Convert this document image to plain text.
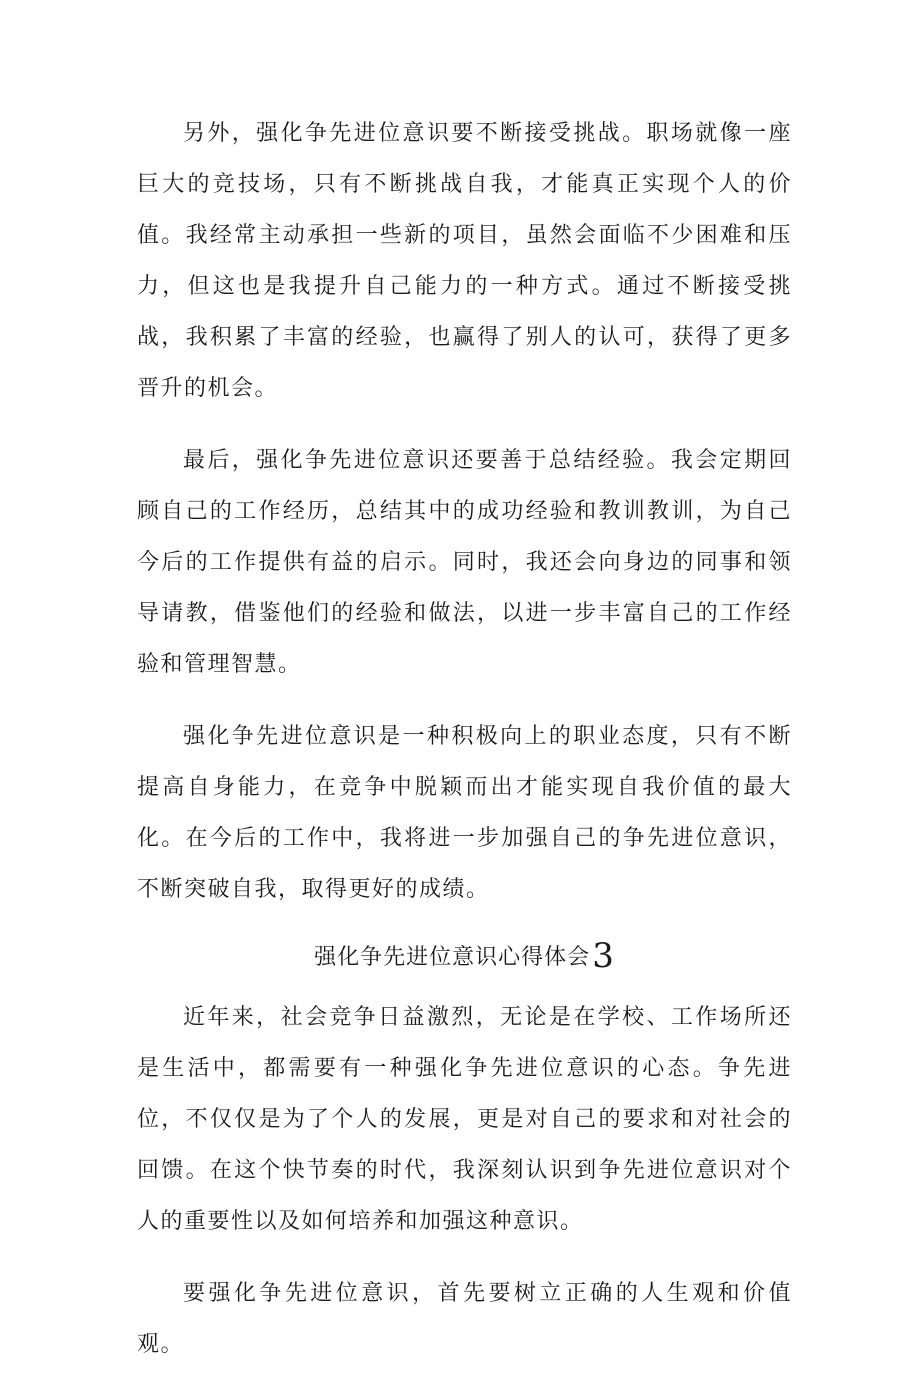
另外，强化争先进位意识要不断接受挑战。职场就像一座巨大的竞技场，只有不断挑战自我，才能真正实现个人的价值。我经常主动承担一些新的项目，虽然会面临不少困难和压力，但这也是我提升自己能力的一种方式。通过不断接受挑战，我积累了丰富的经验，也赢得了别人的认可，获得了更多晋升的机会。

最后，强化争先进位意识还要善于总结经验。我会定期回顾自己的工作经历，总结其中的成功经验和教训教训，为自己今后的工作提供有益的启示。同时，我还会向身边的同事和领导请教，借鉴他们的经验和做法，以进一步丰富自己的工作经验和管理智慧。

强化争先进位意识是一种积极向上的职业态度，只有不断提高自身能力，在竞争中脱颖而出才能实现自我价值的最大化。在今后的工作中，我将进一步加强自己的争先进位意识，不断突破自我，取得更好的成绩。

强化争先进位意识心得体会3

近年来，社会竞争日益激烈，无论是在学校、工作场所还是生活中，都需要有一种强化争先进位意识的心态。争先进位，不仅仅是为了个人的发展，更是对自己的要求和对社会的回馈。在这个快节奏的时代，我深刻认识到争先进位意识对个人的重要性以及如何培养和加强这种意识。

要强化争先进位意识，首先要树立正确的人生观和价值观。
